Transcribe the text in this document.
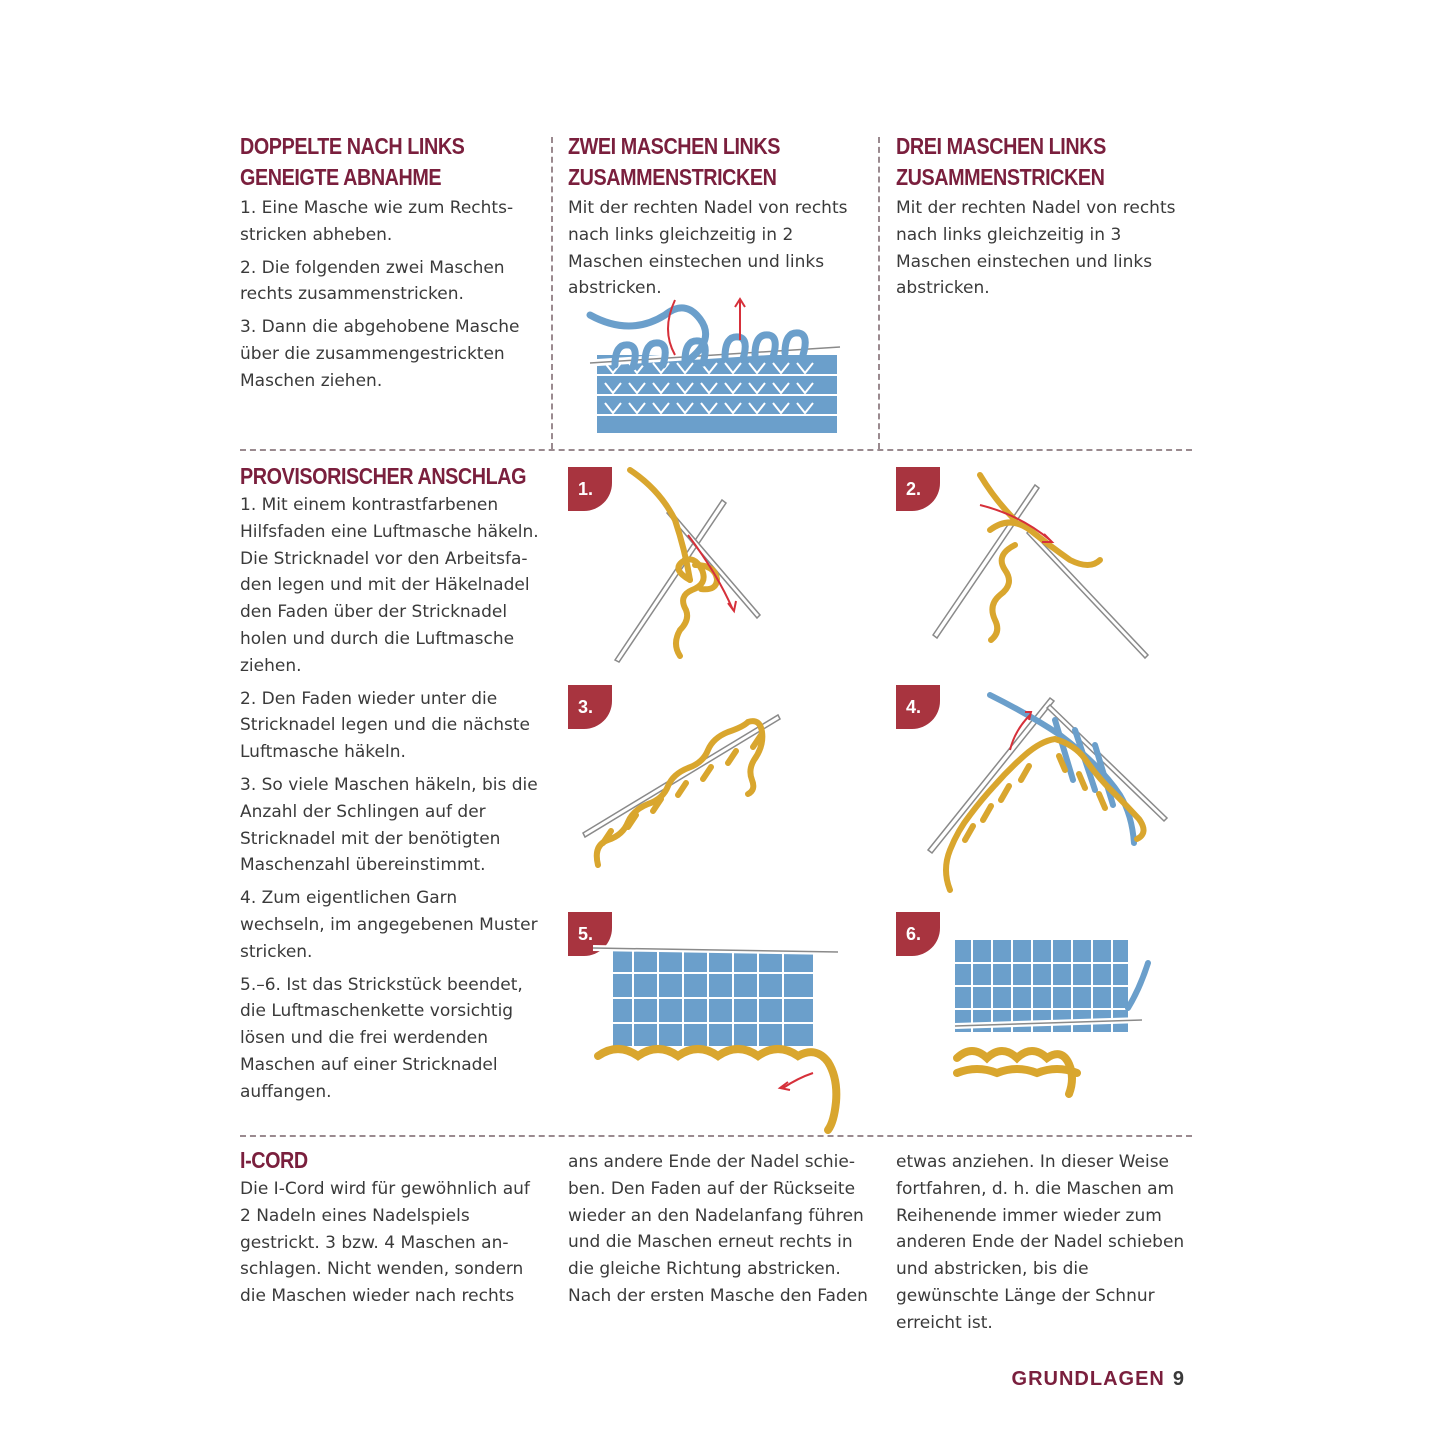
DOPPELTE NACH LINKS
GENEIGTE ABNAHME

1. Eine Masche wie zum Rechtsstricken abheben.

2. Die folgenden zwei Maschen rechts zusammenstricken.

3. Dann die abgehobene Masche über die zusammengestrickten Maschen ziehen.

ZWEI MASCHEN LINKS
ZUSAMMENSTRICKEN

Mit der rechten Nadel von rechts nach links gleichzeitig in 2 Maschen einstechen und links abstricken.

DREI MASCHEN LINKS
ZUSAMMENSTRICKEN

Mit der rechten Nadel von rechts nach links gleichzeitig in 3 Maschen einstechen und links abstricken.

PROVISORISCHER ANSCHLAG

1. Mit einem kontrastfarbenen Hilfsfaden eine Luftmasche häkeln. Die Stricknadel vor den Arbeitsfaden legen und mit der Häkelnadel den Faden über der Stricknadel holen und durch die Luftmasche ziehen.

2. Den Faden wieder unter die Stricknadel legen und die nächste Luftmasche häkeln.

3. So viele Maschen häkeln, bis die Anzahl der Schlingen auf der Stricknadel mit der benötigten Maschenzahl übereinstimmt.

4. Zum eigentlichen Garn wechseln, im angegebenen Muster stricken.

5.–6. Ist das Strickstück beendet, die Luftmaschenkette vorsichtig lösen und die frei werdenden Maschen auf einer Stricknadel auffangen.

1.	2.
3.	4.
5.	6.
I-CORD

Die I-Cord wird für gewöhnlich auf 2 Nadeln eines Nadelspiels gestrickt. 3 bzw. 4 Maschen anschlagen. Nicht wenden, sondern die Maschen wieder nach rechts

ans andere Ende der Nadel schieben. Den Faden auf der Rückseite wieder an den Nadelanfang führen und die Maschen erneut rechts in die gleiche Richtung abstricken. Nach der ersten Masche den Faden

etwas anziehen. In dieser Weise fortfahren, d. h. die Maschen am Reihenende immer wieder zum anderen Ende der Nadel schieben und abstricken, bis die gewünschte Länge der Schnur erreicht ist.

GRUNDLAGEN 9
